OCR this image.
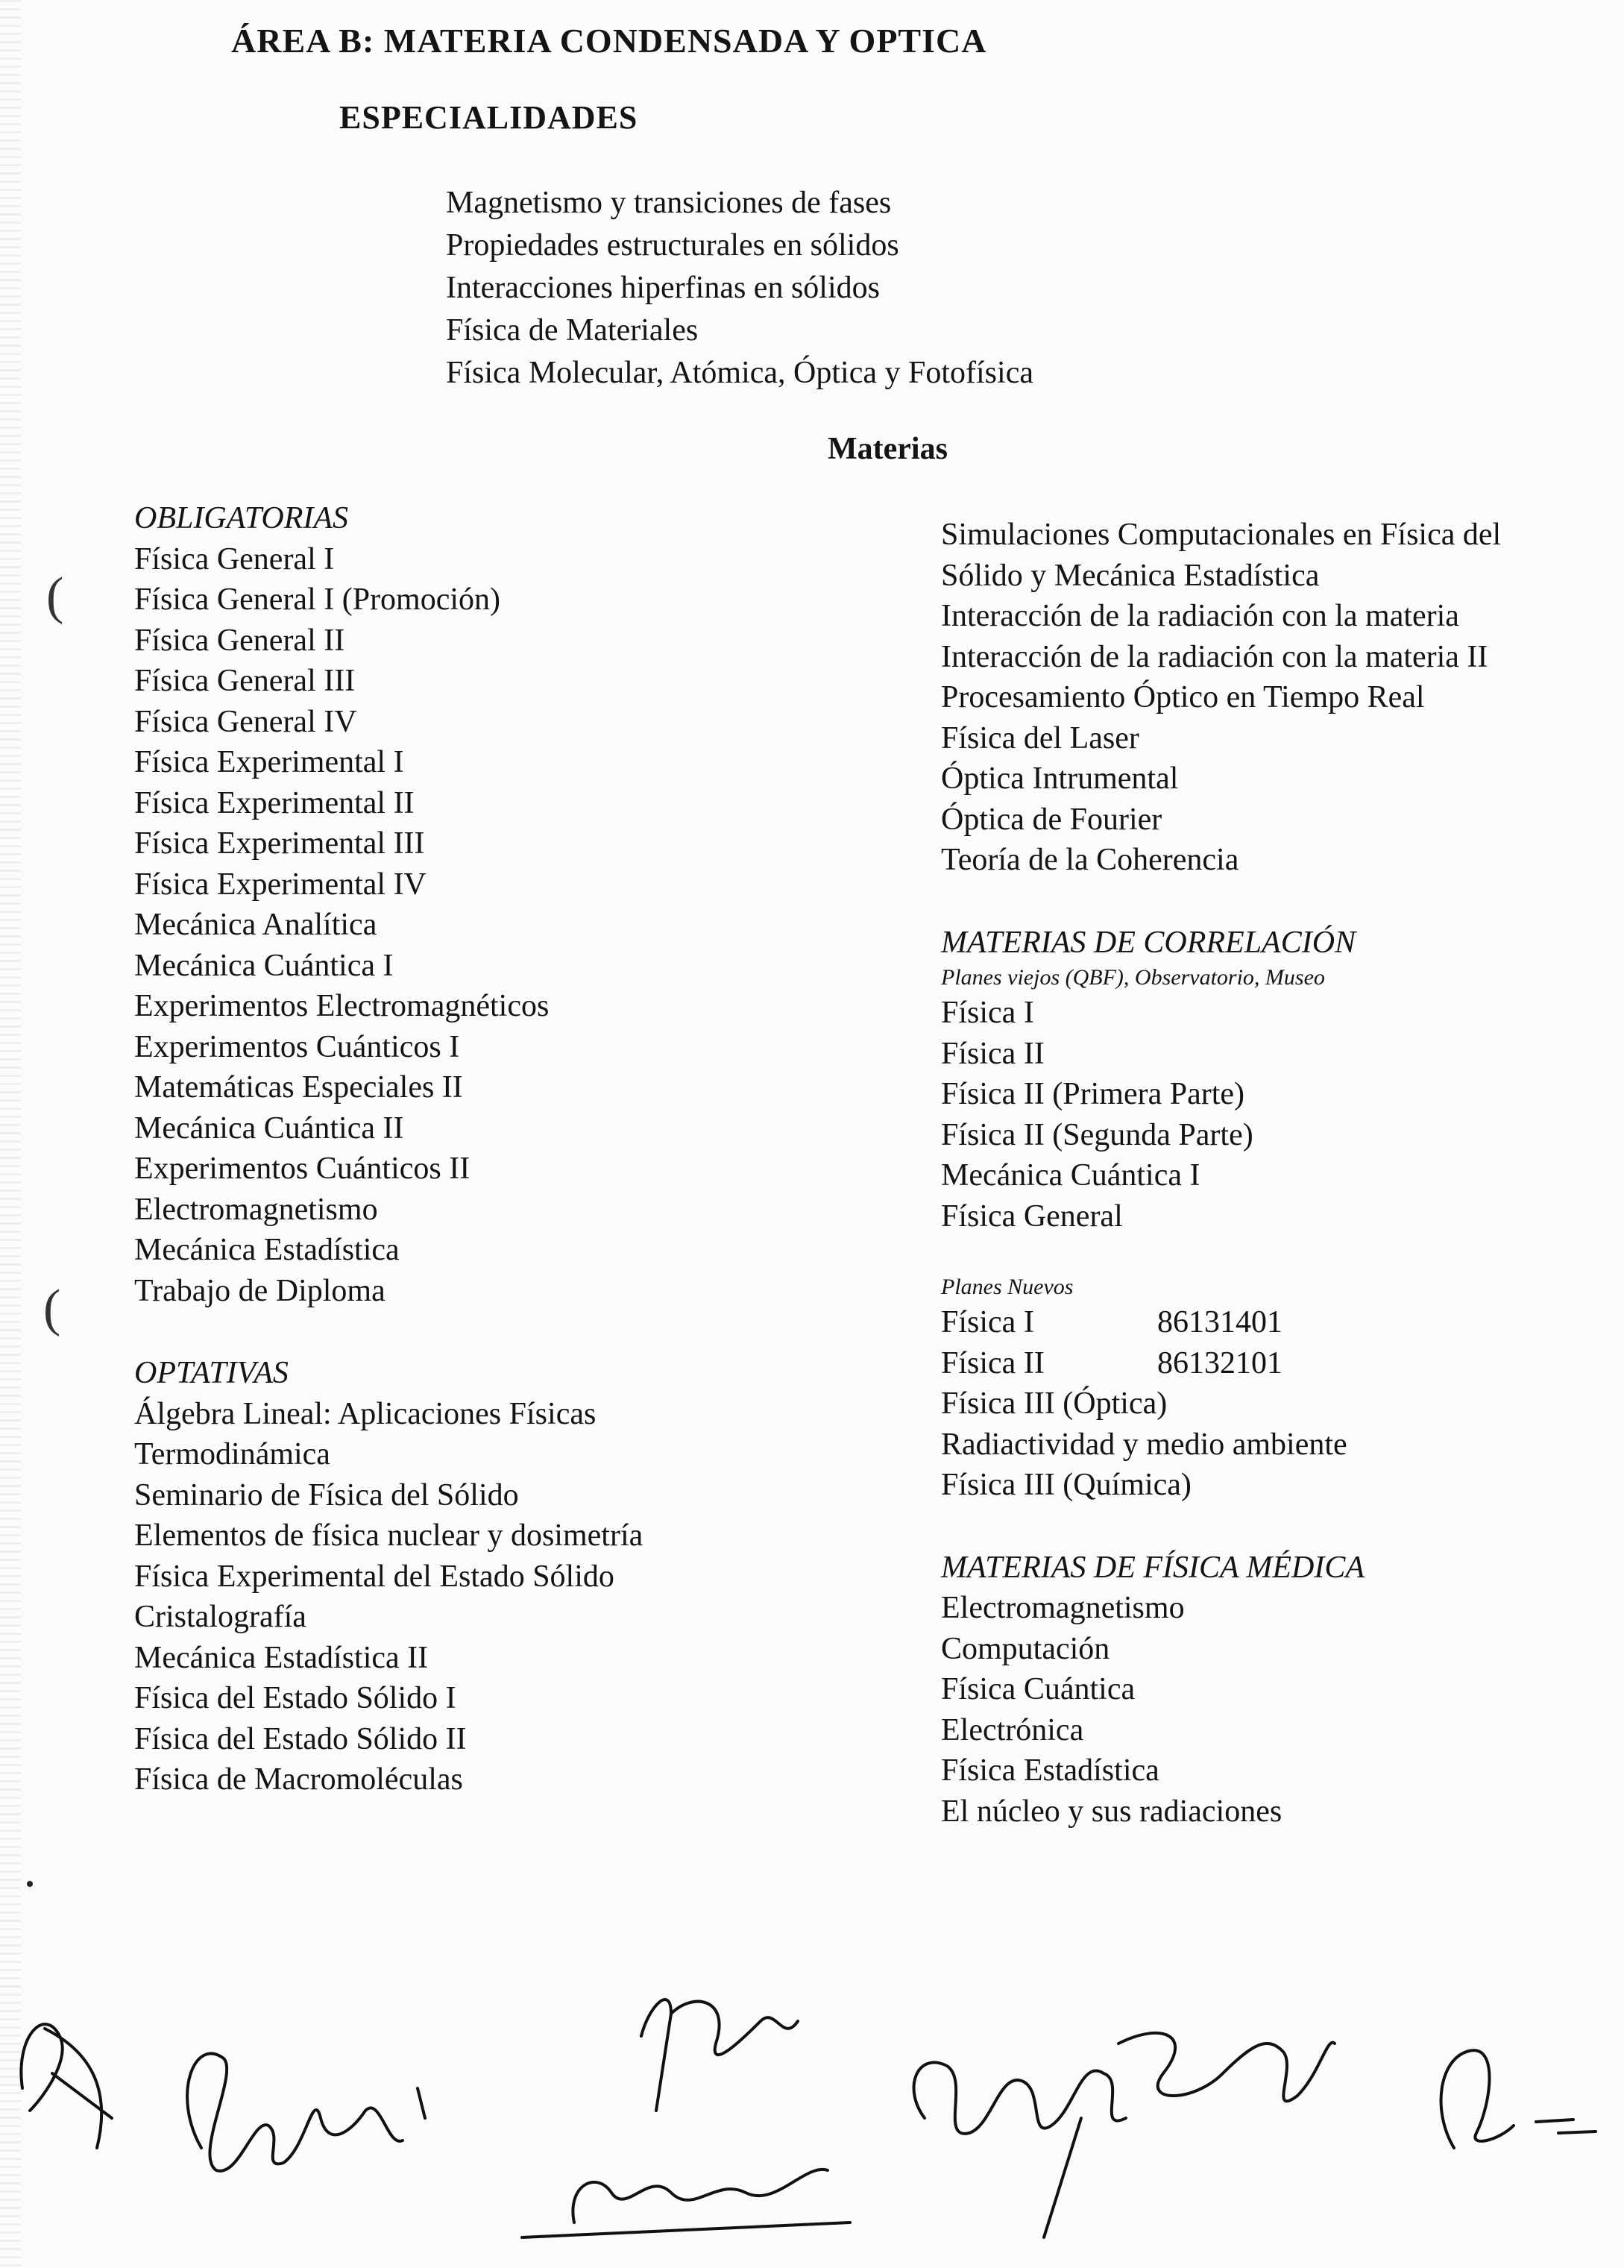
ÁREA B: MATERIA CONDENSADA Y OPTICA
ESPECIALIDADES
Magnetismo y transiciones de fases
Propiedades estructurales en sólidos
Interacciones hiperfinas en sólidos
Física de Materiales
Física Molecular, Atómica, Óptica y Fotofísica
Materias
OBLIGATORIAS
Física General I
Física General I (Promoción)
Física General II
Física General III
Física General IV
Física Experimental I
Física Experimental II
Física Experimental III
Física Experimental IV
Mecánica Analítica
Mecánica Cuántica I
Experimentos Electromagnéticos
Experimentos Cuánticos I
Matemáticas Especiales II
Mecánica Cuántica II
Experimentos Cuánticos II
Electromagnetismo
Mecánica Estadística
Trabajo de Diploma
OPTATIVAS
Álgebra Lineal: Aplicaciones Físicas
Termodinámica
Seminario de Física del Sólido
Elementos de física nuclear y dosimetría
Física Experimental del Estado Sólido
Cristalografía
Mecánica Estadística II
Física del Estado Sólido I
Física del Estado Sólido II
Física de Macromoléculas
Simulaciones Computacionales en Física del
Sólido y Mecánica Estadística
Interacción de la radiación con la materia
Interacción de la radiación con la materia II
Procesamiento Óptico en Tiempo Real
Física del Laser
Óptica Intrumental
Óptica de Fourier
Teoría de la Coherencia
MATERIAS DE CORRELACIÓN
Planes viejos (QBF), Observatorio, Museo
Física I
Física II
Física II (Primera Parte)
Física II (Segunda Parte)
Mecánica Cuántica I
Física General
Planes Nuevos
Física I	86131401
Física II	86132101
Física III (Óptica)
Radiactividad y medio ambiente
Física III (Química)
MATERIAS DE FÍSICA MÉDICA
Electromagnetismo
Computación
Física Cuántica
Electrónica
Física Estadística
El núcleo y sus radiaciones
(
(
